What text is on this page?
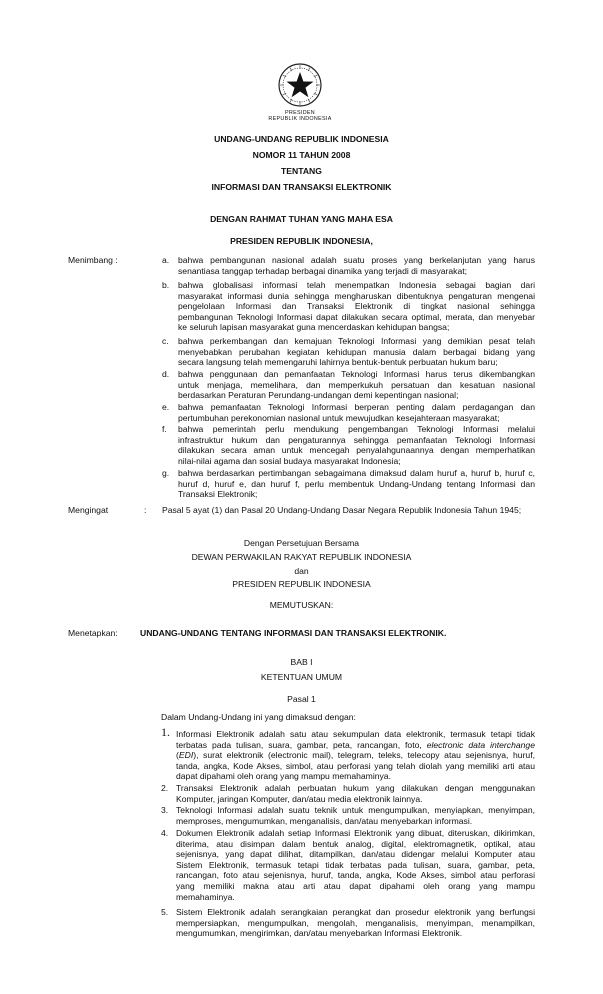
PRESIDEN
REPUBLIK INDONESIA
UNDANG-UNDANG REPUBLIK INDONESIA
NOMOR 11 TAHUN 2008
TENTANG
INFORMASI DAN TRANSAKSI ELEKTRONIK
DENGAN RAHMAT TUHAN YANG MAHA ESA
PRESIDEN REPUBLIK INDONESIA,
Menimbang :	a. bahwa pembangunan nasional adalah suatu proses yang berkelanjutan yang harus
senantiasa tanggap terhadap berbagai dinamika yang terjadi di masyarakat;
b. bahwa globalisasi informasi telah menempatkan Indonesia sebagai bagian dari
masyarakat informasi dunia sehingga mengharuskan dibentuknya pengaturan mengenai
pengelolaan Informasi dan Transaksi Elektronik di tingkat nasional sehingga
pembangunan Teknologi Informasi dapat dilakukan secara optimal, merata, dan menyebar
ke seluruh lapisan masyarakat guna mencerdaskan kehidupan bangsa;
c. bahwa perkembangan dan kemajuan Teknologi Informasi yang demikian pesat telah
menyebabkan perubahan kegiatan kehidupan manusia dalam berbagai bidang yang
secara langsung telah memengaruhi lahirnya bentuk-bentuk perbuatan hukum baru;
d. bahwa penggunaan dan pemanfaatan Teknologi Informasi harus terus dikembangkan
untuk menjaga, memelihara, dan memperkukuh persatuan dan kesatuan nasional
berdasarkan Peraturan Perundang-undangan demi kepentingan nasional;
e. bahwa pemanfaatan Teknologi Informasi berperan penting dalam perdagangan dan
pertumbuhan perekonomian nasional untuk mewujudkan kesejahteraan masyarakat;
f. bahwa pemerintah perlu mendukung pengembangan Teknologi Informasi melalui
infrastruktur hukum dan pengaturannya sehingga pemanfaatan Teknologi Informasi
dilakukan secara aman untuk mencegah penyalahgunaannya dengan memperhatikan
nilai-nilai agama dan sosial budaya masyarakat Indonesia;
g. bahwa berdasarkan pertimbangan sebagaimana dimaksud dalam huruf a, huruf b, huruf c,
huruf d, huruf e, dan huruf f, perlu membentuk Undang-Undang tentang Informasi dan
Transaksi Elektronik;
Mengingat	: Pasal 5 ayat (1) dan Pasal 20 Undang-Undang Dasar Negara Republik Indonesia Tahun 1945;
Dengan Persetujuan Bersama
DEWAN PERWAKILAN RAKYAT REPUBLIK INDONESIA
dan
PRESIDEN REPUBLIK INDONESIA
MEMUTUSKAN:
Menetapkan:	UNDANG-UNDANG TENTANG INFORMASI DAN TRANSAKSI ELEKTRONIK.
BAB I
KETENTUAN UMUM
Pasal 1
Dalam Undang-Undang ini yang dimaksud dengan:
1. Informasi Elektronik adalah satu atau sekumpulan data elektronik, termasuk tetapi tidak
terbatas pada tulisan, suara, gambar, peta, rancangan, foto, electronic data interchange
(EDI), surat elektronik (electronic mail), telegram, teleks, telecopy atau sejenisnya, huruf,
tanda, angka, Kode Akses, simbol, atau perforasi yang telah diolah yang memiliki arti atau
dapat dipahami oleh orang yang mampu memahaminya.
2. Transaksi Elektronik adalah perbuatan hukum yang dilakukan dengan menggunakan
Komputer, jaringan Komputer, dan/atau media elektronik lainnya.
3. Teknologi Informasi adalah suatu teknik untuk mengumpulkan, menyiapkan, menyimpan,
memproses, mengumumkan, menganalisis, dan/atau menyebarkan informasi.
4. Dokumen Elektronik adalah setiap Informasi Elektronik yang dibuat, diteruskan, dikirimkan,
diterima, atau disimpan dalam bentuk analog, digital, elektromagnetik, optikal, atau
sejenisnya, yang dapat dilihat, ditampilkan, dan/atau didengar melalui Komputer atau
Sistem Elektronik, termasuk tetapi tidak terbatas pada tulisan, suara, gambar, peta,
rancangan, foto atau sejenisnya, huruf, tanda, angka, Kode Akses, simbol atau perforasi
yang memiliki makna atau arti atau dapat dipahami oleh orang yang mampu
memahaminya.
5. Sistem Elektronik adalah serangkaian perangkat dan prosedur elektronik yang berfungsi
mempersiapkan, mengumpulkan, mengolah, menganalisis, menyimpan, menampilkan,
mengumumkan, mengirimkan, dan/atau menyebarkan Informasi Elektronik.
